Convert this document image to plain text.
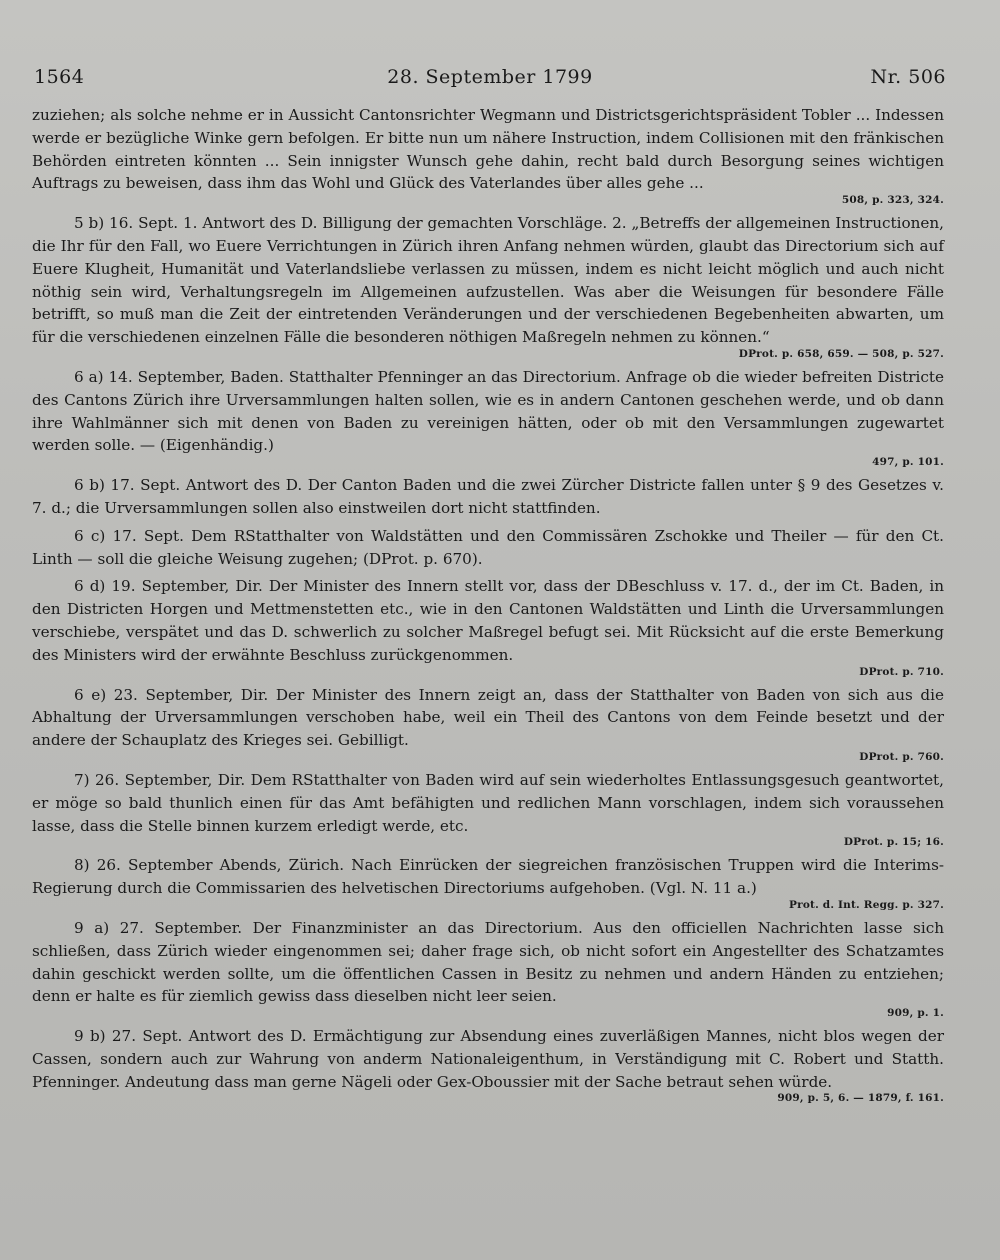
1564	28. September 1799	Nr. 506

zuziehen; als solche nehme er in Aussicht Cantonsrichter Wegmann und Districtsgerichtspräsident Tobler ... Indessen werde er bezügliche Winke gern befolgen. Er bitte nun um nähere Instruction, indem Collisionen mit den fränkischen Behörden eintreten könnten ... Sein innigster Wunsch gehe dahin, recht bald durch Besorgung seines wichtigen Auftrags zu beweisen, dass ihm das Wohl und Glück des Vaterlandes über alles gehe ...

508, p. 323, 324.

5 b) 16. Sept. 1. Antwort des D. Billigung der gemachten Vorschläge. 2. „Betreffs der allgemeinen Instructionen, die Ihr für den Fall, wo Euere Verrichtungen in Zürich ihren Anfang nehmen würden, glaubt das Directorium sich auf Euere Klugheit, Humanität und Vaterlandsliebe verlassen zu müssen, indem es nicht leicht möglich und auch nicht nöthig sein wird, Verhaltungsregeln im Allgemeinen aufzustellen. Was aber die Weisungen für besondere Fälle betrifft, so muß man die Zeit der eintretenden Veränderungen und der verschiedenen Begebenheiten abwarten, um für die verschiedenen einzelnen Fälle die besonderen nöthigen Maßregeln nehmen zu können.“

DProt. p. 658, 659. — 508, p. 527.

6 a) 14. September, Baden. Statthalter Pfenninger an das Directorium. Anfrage ob die wieder befreiten Districte des Cantons Zürich ihre Urversammlungen halten sollen, wie es in andern Cantonen geschehen werde, und ob dann ihre Wahlmänner sich mit denen von Baden zu vereinigen hätten, oder ob mit den Versammlungen zugewartet werden solle. — (Eigenhändig.)

497, p. 101.

6 b) 17. Sept. Antwort des D. Der Canton Baden und die zwei Zürcher Districte fallen unter § 9 des Gesetzes v. 7. d.; die Urversammlungen sollen also einstweilen dort nicht stattfinden.

6 c) 17. Sept. Dem RStatthalter von Waldstätten und den Commissären Zschokke und Theiler — für den Ct. Linth — soll die gleiche Weisung zugehen; (DProt. p. 670).

6 d) 19. September, Dir. Der Minister des Innern stellt vor, dass der DBeschluss v. 17. d., der im Ct. Baden, in den Districten Horgen und Mettmenstetten etc., wie in den Cantonen Waldstätten und Linth die Urversammlungen verschiebe, verspätet und das D. schwerlich zu solcher Maßregel befugt sei. Mit Rücksicht auf die erste Bemerkung des Ministers wird der erwähnte Beschluss zurückgenommen.

DProt. p. 710.

6 e) 23. September, Dir. Der Minister des Innern zeigt an, dass der Statthalter von Baden von sich aus die Abhaltung der Urversammlungen verschoben habe, weil ein Theil des Cantons von dem Feinde besetzt und der andere der Schauplatz des Krieges sei. Gebilligt.

DProt. p. 760.

7) 26. September, Dir. Dem RStatthalter von Baden wird auf sein wiederholtes Entlassungsgesuch geantwortet, er möge so bald thunlich einen für das Amt befähigten und redlichen Mann vorschlagen, indem sich voraussehen lasse, dass die Stelle binnen kurzem erledigt werde, etc.

DProt. p. 15; 16.

8) 26. September Abends, Zürich. Nach Einrücken der siegreichen französischen Truppen wird die Interims-Regierung durch die Commissarien des helvetischen Directoriums aufgehoben. (Vgl. N. 11 a.)

Prot. d. Int. Regg. p. 327.

9 a) 27. September. Der Finanzminister an das Directorium. Aus den officiellen Nachrichten lasse sich schließen, dass Zürich wieder eingenommen sei; daher frage sich, ob nicht sofort ein Angestellter des Schatzamtes dahin geschickt werden sollte, um die öffentlichen Cassen in Besitz zu nehmen und andern Händen zu entziehen; denn er halte es für ziemlich gewiss dass dieselben nicht leer seien.

909, p. 1.

9 b) 27. Sept. Antwort des D. Ermächtigung zur Absendung eines zuverläßigen Mannes, nicht blos wegen der Cassen, sondern auch zur Wahrung von anderm Nationaleigenthum, in Verständigung mit C. Robert und Statth. Pfenninger. Andeutung dass man gerne Nägeli oder Gex-Oboussier mit der Sache betraut sehen würde.

909, p. 5, 6. — 1879, f. 161.
